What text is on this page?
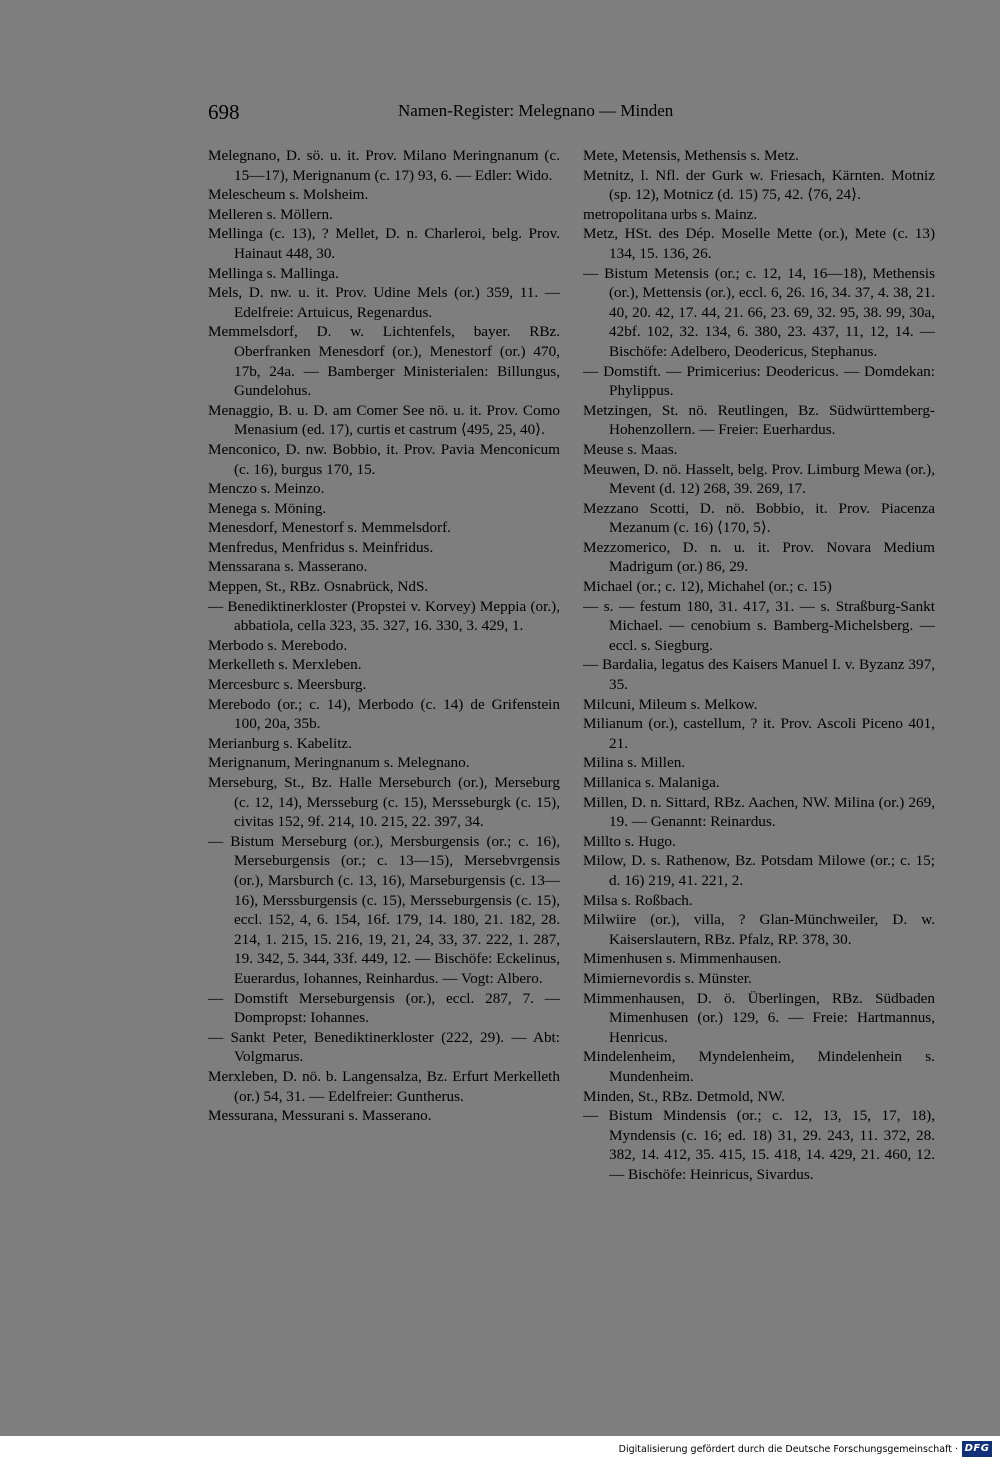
698	Namen-Register: Melegnano — Minden
Melegnano, D. sö. u. it. Prov. Milano Meringnanum (c. 15—17), Merignanum (c. 17) 93, 6. — Edler: Wido.
Melescheum s. Molsheim.
Melleren s. Möllern.
Mellinga (c. 13), ? Mellet, D. n. Charleroi, belg. Prov. Hainaut 448, 30.
Mellinga s. Mallinga.
Mels, D. nw. u. it. Prov. Udine Mels (or.) 359, 11. — Edelfreie: Artuicus, Regenardus.
Memmelsdorf, D. w. Lichtenfels, bayer. RBz. Oberfranken Menesdorf (or.), Menestorf (or.) 470, 17b, 24a. — Bamberger Ministerialen: Billungus, Gundelohus.
Menaggio, B. u. D. am Comer See nö. u. it. Prov. Como Menasium (ed. 17), curtis et castrum ⟨495, 25, 40⟩.
Menconico, D. nw. Bobbio, it. Prov. Pavia Menconicum (c. 16), burgus 170, 15.
Menczo s. Meinzo.
Menega s. Möning.
Menesdorf, Menestorf s. Memmelsdorf.
Menfredus, Menfridus s. Meinfridus.
Menssarana s. Masserano.
Meppen, St., RBz. Osnabrück, NdS.
— Benediktinerkloster (Propstei v. Korvey) Meppia (or.), abbatiola, cella 323, 35. 327, 16. 330, 3. 429, 1.
Merbodo s. Merebodo.
Merkelleth s. Merxleben.
Mercesburc s. Meersburg.
Merebodo (or.; c. 14), Merbodo (c. 14) de Grifenstein 100, 20a, 35b.
Merianburg s. Kabelitz.
Merignanum, Meringnanum s. Melegnano.
Merseburg, St., Bz. Halle Merseburch (or.), Merseburg (c. 12, 14), Mersseburg (c. 15), Mersseburgk (c. 15), civitas 152, 9f. 214, 10. 215, 22. 397, 34.
— Bistum Merseburg (or.), Mersburgensis (or.; c. 16), Merseburgensis (or.; c. 13—15), Mersebvrgensis (or.), Marsburch (c. 13, 16), Marseburgensis (c. 13—16), Merssburgensis (c. 15), Mersseburgensis (c. 15), eccl. 152, 4, 6. 154, 16f. 179, 14. 180, 21. 182, 28. 214, 1. 215, 15. 216, 19, 21, 24, 33, 37. 222, 1. 287, 19. 342, 5. 344, 33f. 449, 12. — Bischöfe: Eckelinus, Euerardus, Iohannes, Reinhardus. — Vogt: Albero.
— Domstift Merseburgensis (or.), eccl. 287, 7. — Dompropst: Iohannes.
— Sankt Peter, Benediktinerkloster (222, 29). — Abt: Volgmarus.
Merxleben, D. nö. b. Langensalza, Bz. Erfurt Merkelleth (or.) 54, 31. — Edelfreier: Guntherus.
Messurana, Messurani s. Masserano.
Mete, Metensis, Methensis s. Metz.
Metnitz, l. Nfl. der Gurk w. Friesach, Kärnten. Motniz (sp. 12), Motnicz (d. 15) 75, 42. ⟨76, 24⟩.
metropolitana urbs s. Mainz.
Metz, HSt. des Dép. Moselle Mette (or.), Mete (c. 13) 134, 15. 136, 26.
— Bistum Metensis (or.; c. 12, 14, 16—18), Methensis (or.), Mettensis (or.), eccl. 6, 26. 16, 34. 37, 4. 38, 21. 40, 20. 42, 17. 44, 21. 66, 23. 69, 32. 95, 38. 99, 30a, 42bf. 102, 32. 134, 6. 380, 23. 437, 11, 12, 14. — Bischöfe: Adelbero, Deodericus, Stephanus.
— Domstift. — Primicerius: Deodericus. — Domdekan: Phylippus.
Metzingen, St. nö. Reutlingen, Bz. Südwürttemberg-Hohenzollern. — Freier: Euerhardus.
Meuse s. Maas.
Meuwen, D. nö. Hasselt, belg. Prov. Limburg Mewa (or.), Mevent (d. 12) 268, 39. 269, 17.
Mezzano Scotti, D. nö. Bobbio, it. Prov. Piacenza Mezanum (c. 16) ⟨170, 5⟩.
Mezzomerico, D. n. u. it. Prov. Novara Medium Madrigum (or.) 86, 29.
Michael (or.; c. 12), Michahel (or.; c. 15)
— s. — festum 180, 31. 417, 31. — s. Straßburg-Sankt Michael. — cenobium s. Bamberg-Michelsberg. — eccl. s. Siegburg.
— Bardalia, legatus des Kaisers Manuel I. v. Byzanz 397, 35.
Milcuni, Mileum s. Melkow.
Milianum (or.), castellum, ? it. Prov. Ascoli Piceno 401, 21.
Milina s. Millen.
Millanica s. Malaniga.
Millen, D. n. Sittard, RBz. Aachen, NW. Milina (or.) 269, 19. — Genannt: Reinardus.
Millto s. Hugo.
Milow, D. s. Rathenow, Bz. Potsdam Milowe (or.; c. 15; d. 16) 219, 41. 221, 2.
Milsa s. Roßbach.
Milwiire (or.), villa, ? Glan-Münchweiler, D. w. Kaiserslautern, RBz. Pfalz, RP. 378, 30.
Mimenhusen s. Mimmenhausen.
Mimiernevordis s. Münster.
Mimmenhausen, D. ö. Überlingen, RBz. Südbaden Mimenhusen (or.) 129, 6. — Freie: Hartmannus, Henricus.
Mindelenheim, Myndelenheim, Mindelenhein s. Mundenheim.
Minden, St., RBz. Detmold, NW.
— Bistum Mindensis (or.; c. 12, 13, 15, 17, 18), Myndensis (c. 16; ed. 18) 31, 29. 243, 11. 372, 28. 382, 14. 412, 35. 415, 15. 418, 14. 429, 21. 460, 12. — Bischöfe: Heinricus, Sivardus.
Digitalisierung gefördert durch die Deutsche Forschungsgemeinschaft · DFG
